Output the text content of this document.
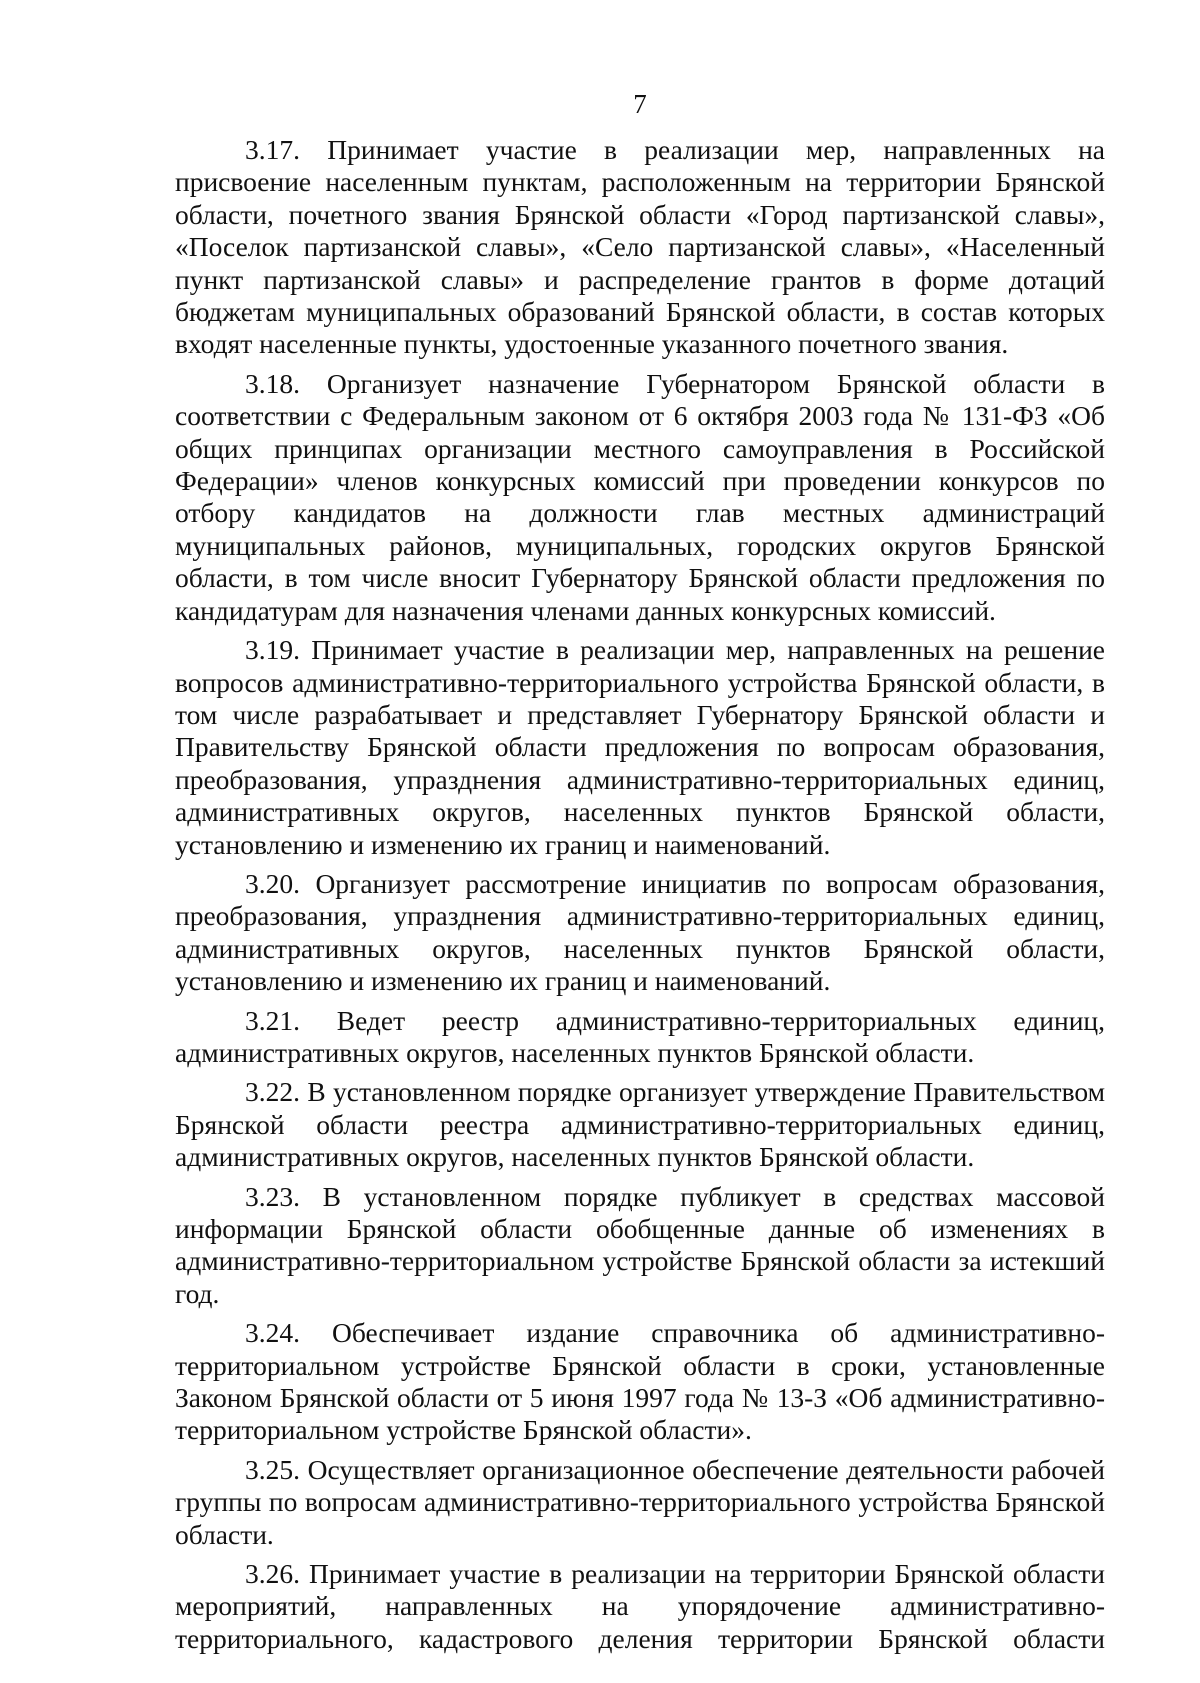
7

3.17. Принимает участие в реализации мер, направленных на присвоение населенным пунктам, расположенным на территории Брянской области, почетного звания Брянской области «Город партизанской славы», «Поселок партизанской славы», «Село партизанской славы», «Населенный пункт партизанской славы» и распределение грантов в форме дотаций бюджетам муниципальных образований Брянской области, в состав которых входят населенные пункты, удостоенные указанного почетного звания.

3.18. Организует назначение Губернатором Брянской области в соответствии с Федеральным законом от 6 октября 2003 года № 131-ФЗ «Об общих принципах организации местного самоуправления в Российской Федерации» членов конкурсных комиссий при проведении конкурсов по отбору кандидатов на должности глав местных администраций муниципальных районов, муниципальных, городских округов Брянской области, в том числе вносит Губернатору Брянской области предложения по кандидатурам для назначения членами данных конкурсных комиссий.

3.19. Принимает участие в реализации мер, направленных на решение вопросов административно-территориального устройства Брянской области, в том числе разрабатывает и представляет Губернатору Брянской области и Правительству Брянской области предложения по вопросам образования, преобразования, упразднения административно-территориальных единиц, административных округов, населенных пунктов Брянской области, установлению и изменению их границ и наименований.

3.20. Организует рассмотрение инициатив по вопросам образования, преобразования, упразднения административно-территориальных единиц, административных округов, населенных пунктов Брянской области, установлению и изменению их границ и наименований.

3.21. Ведет реестр административно-территориальных единиц, административных округов, населенных пунктов Брянской области.

3.22. В установленном порядке организует утверждение Правительством Брянской области реестра административно-территориальных единиц, административных округов, населенных пунктов Брянской области.

3.23. В установленном порядке публикует в средствах массовой информации Брянской области обобщенные данные об изменениях в административно-территориальном устройстве Брянской области за истекший год.

3.24. Обеспечивает издание справочника об административно-территориальном устройстве Брянской области в сроки, установленные Законом Брянской области от 5 июня 1997 года № 13-З «Об административно-территориальном устройстве Брянской области».

3.25. Осуществляет организационное обеспечение деятельности рабочей группы по вопросам административно-территориального устройства Брянской области.

3.26. Принимает участие в реализации на территории Брянской области мероприятий, направленных на упорядочение административно-территориального, кадастрового деления территории Брянской области
